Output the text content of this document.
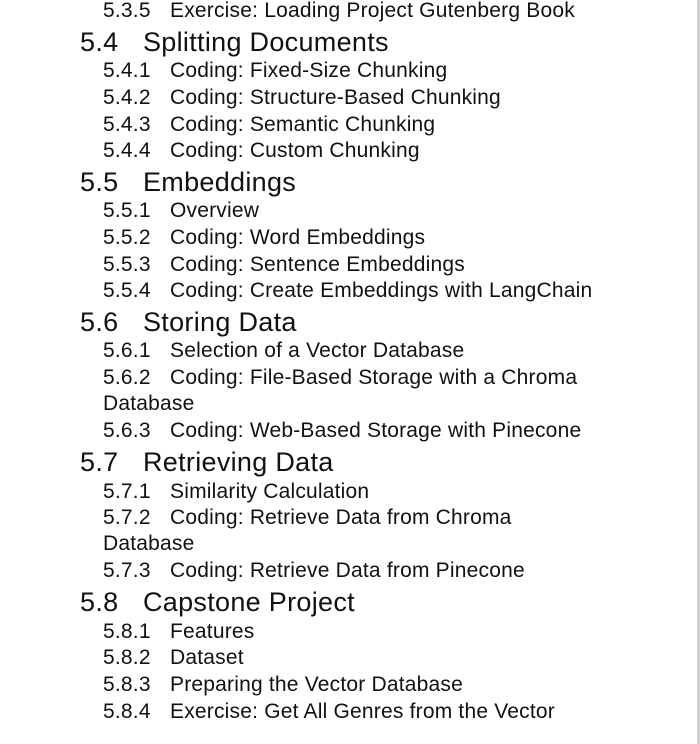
5.3.5 Exercise: Loading Project Gutenberg Book
5.4 Splitting Documents
5.4.1 Coding: Fixed-Size Chunking
5.4.2 Coding: Structure-Based Chunking
5.4.3 Coding: Semantic Chunking
5.4.4 Coding: Custom Chunking
5.5 Embeddings
5.5.1 Overview
5.5.2 Coding: Word Embeddings
5.5.3 Coding: Sentence Embeddings
5.5.4 Coding: Create Embeddings with LangChain
5.6 Storing Data
5.6.1 Selection of a Vector Database
5.6.2 Coding: File-Based Storage with a Chroma
Database
5.6.3 Coding: Web-Based Storage with Pinecone
5.7 Retrieving Data
5.7.1 Similarity Calculation
5.7.2 Coding: Retrieve Data from Chroma
Database
5.7.3 Coding: Retrieve Data from Pinecone
5.8 Capstone Project
5.8.1 Features
5.8.2 Dataset
5.8.3 Preparing the Vector Database
5.8.4 Exercise: Get All Genres from the Vector
